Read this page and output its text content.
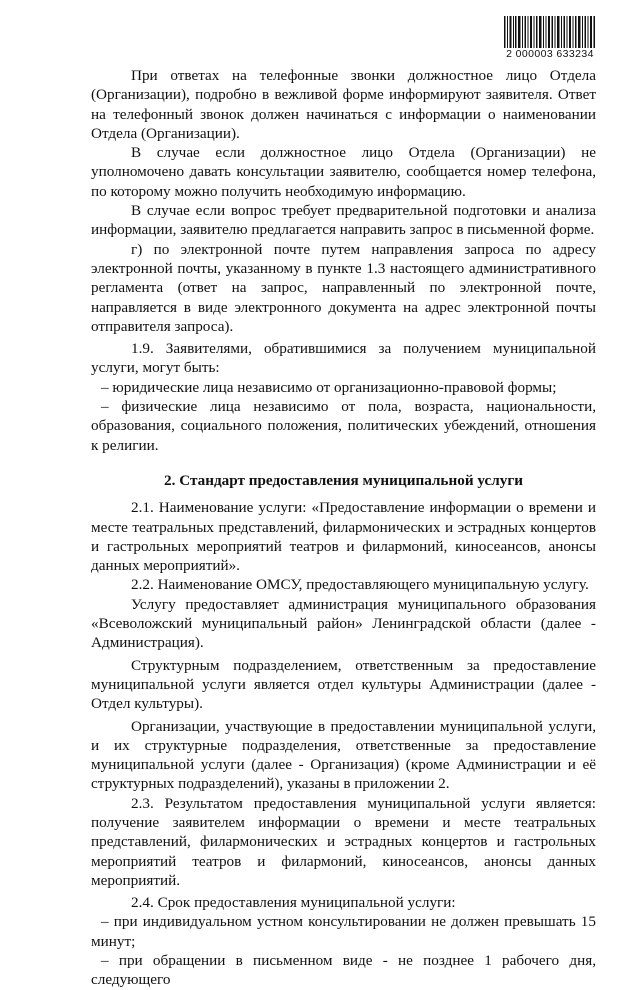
2 000003 633234

При ответах на телефонные звонки должностное лицо Отдела (Организации), подробно в вежливой форме информируют заявителя. Ответ на телефонный звонок должен начинаться с информации о наименовании Отдела (Организации).

В случае если должностное лицо Отдела (Организации) не уполномочено давать консультации заявителю, сообщается номер телефона, по которому можно получить необходимую информацию.

В случае если вопрос требует предварительной подготовки и анализа информации, заявителю предлагается направить запрос в письменной форме.

г) по электронной почте путем направления запроса по адресу электронной почты, указанному в пункте 1.3 настоящего административного регламента (ответ на запрос, направленный по электронной почте, направляется в виде электронного документа на адрес электронной почты отправителя запроса).

1.9. Заявителями, обратившимися за получением муниципальной услуги, могут быть:

– юридические лица независимо от организационно-правовой формы;

– физические лица независимо от пола, возраста, национальности, образования, социального положения, политических убеждений, отношения к религии.

2. Стандарт предоставления муниципальной услуги

2.1. Наименование услуги: «Предоставление информации о времени и месте театральных представлений, филармонических и эстрадных концертов и гастрольных мероприятий театров и филармоний, киносеансов, анонсы данных мероприятий».

2.2. Наименование ОМСУ, предоставляющего муниципальную услугу.

Услугу предоставляет администрация муниципального образования «Всеволожский муниципальный район» Ленинградской области (далее - Администрация).

Структурным подразделением, ответственным за предоставление муниципальной услуги является отдел культуры Администрации (далее - Отдел культуры).

Организации, участвующие в предоставлении муниципальной услуги, и их структурные подразделения, ответственные за предоставление муниципальной услуги (далее - Организация) (кроме Администрации и её структурных подразделений), указаны в приложении 2.

2.3. Результатом предоставления муниципальной услуги является: получение заявителем информации о времени и месте театральных представлений, филармонических и эстрадных концертов и гастрольных мероприятий театров и филармоний, киносеансов, анонсы данных мероприятий.

2.4. Срок предоставления муниципальной услуги:

– при индивидуальном устном консультировании не должен превышать 15 минут;

– при обращении в письменном виде - не позднее 1 рабочего дня, следующего
